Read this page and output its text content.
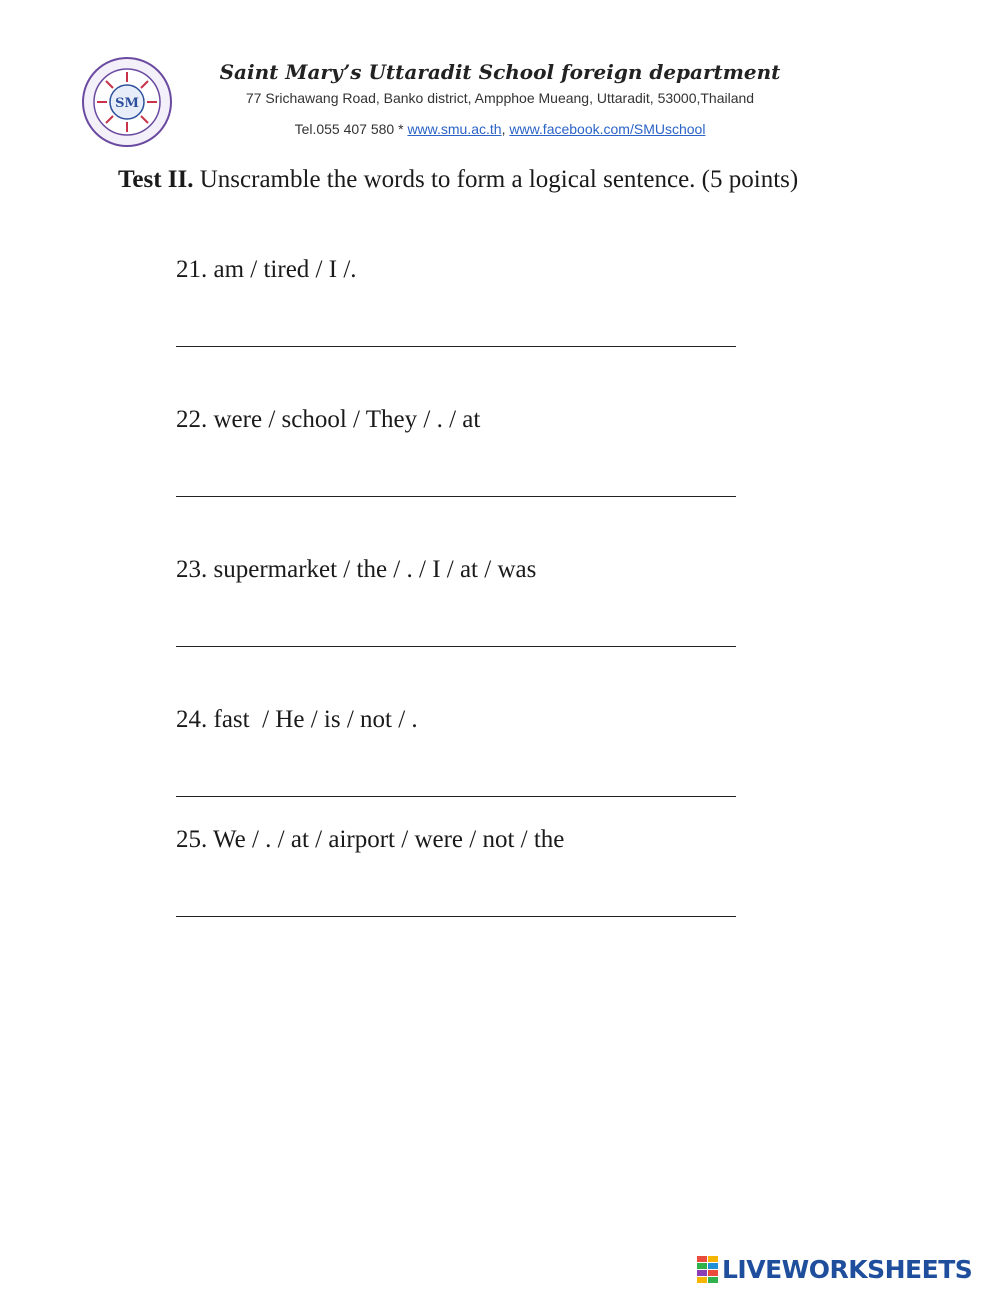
SM
Saint Mary’s Uttaradit School foreign department
77 Srichawang Road, Banko district, Ampphoe Mueang, Uttaradit, 53000,Thailand
Tel.055 407 580 * www.smu.ac.th, www.facebook.com/SMUschool
Test II. Unscramble the words to form a logical sentence. (5 points)
21. am / tired / I /.
22. were / school / They / . / at
23. supermarket / the / . / I / at / was
24. fast  / He / is / not / .
25. We / . / at / airport / were / not / the
LIVEWORKSHEETS
